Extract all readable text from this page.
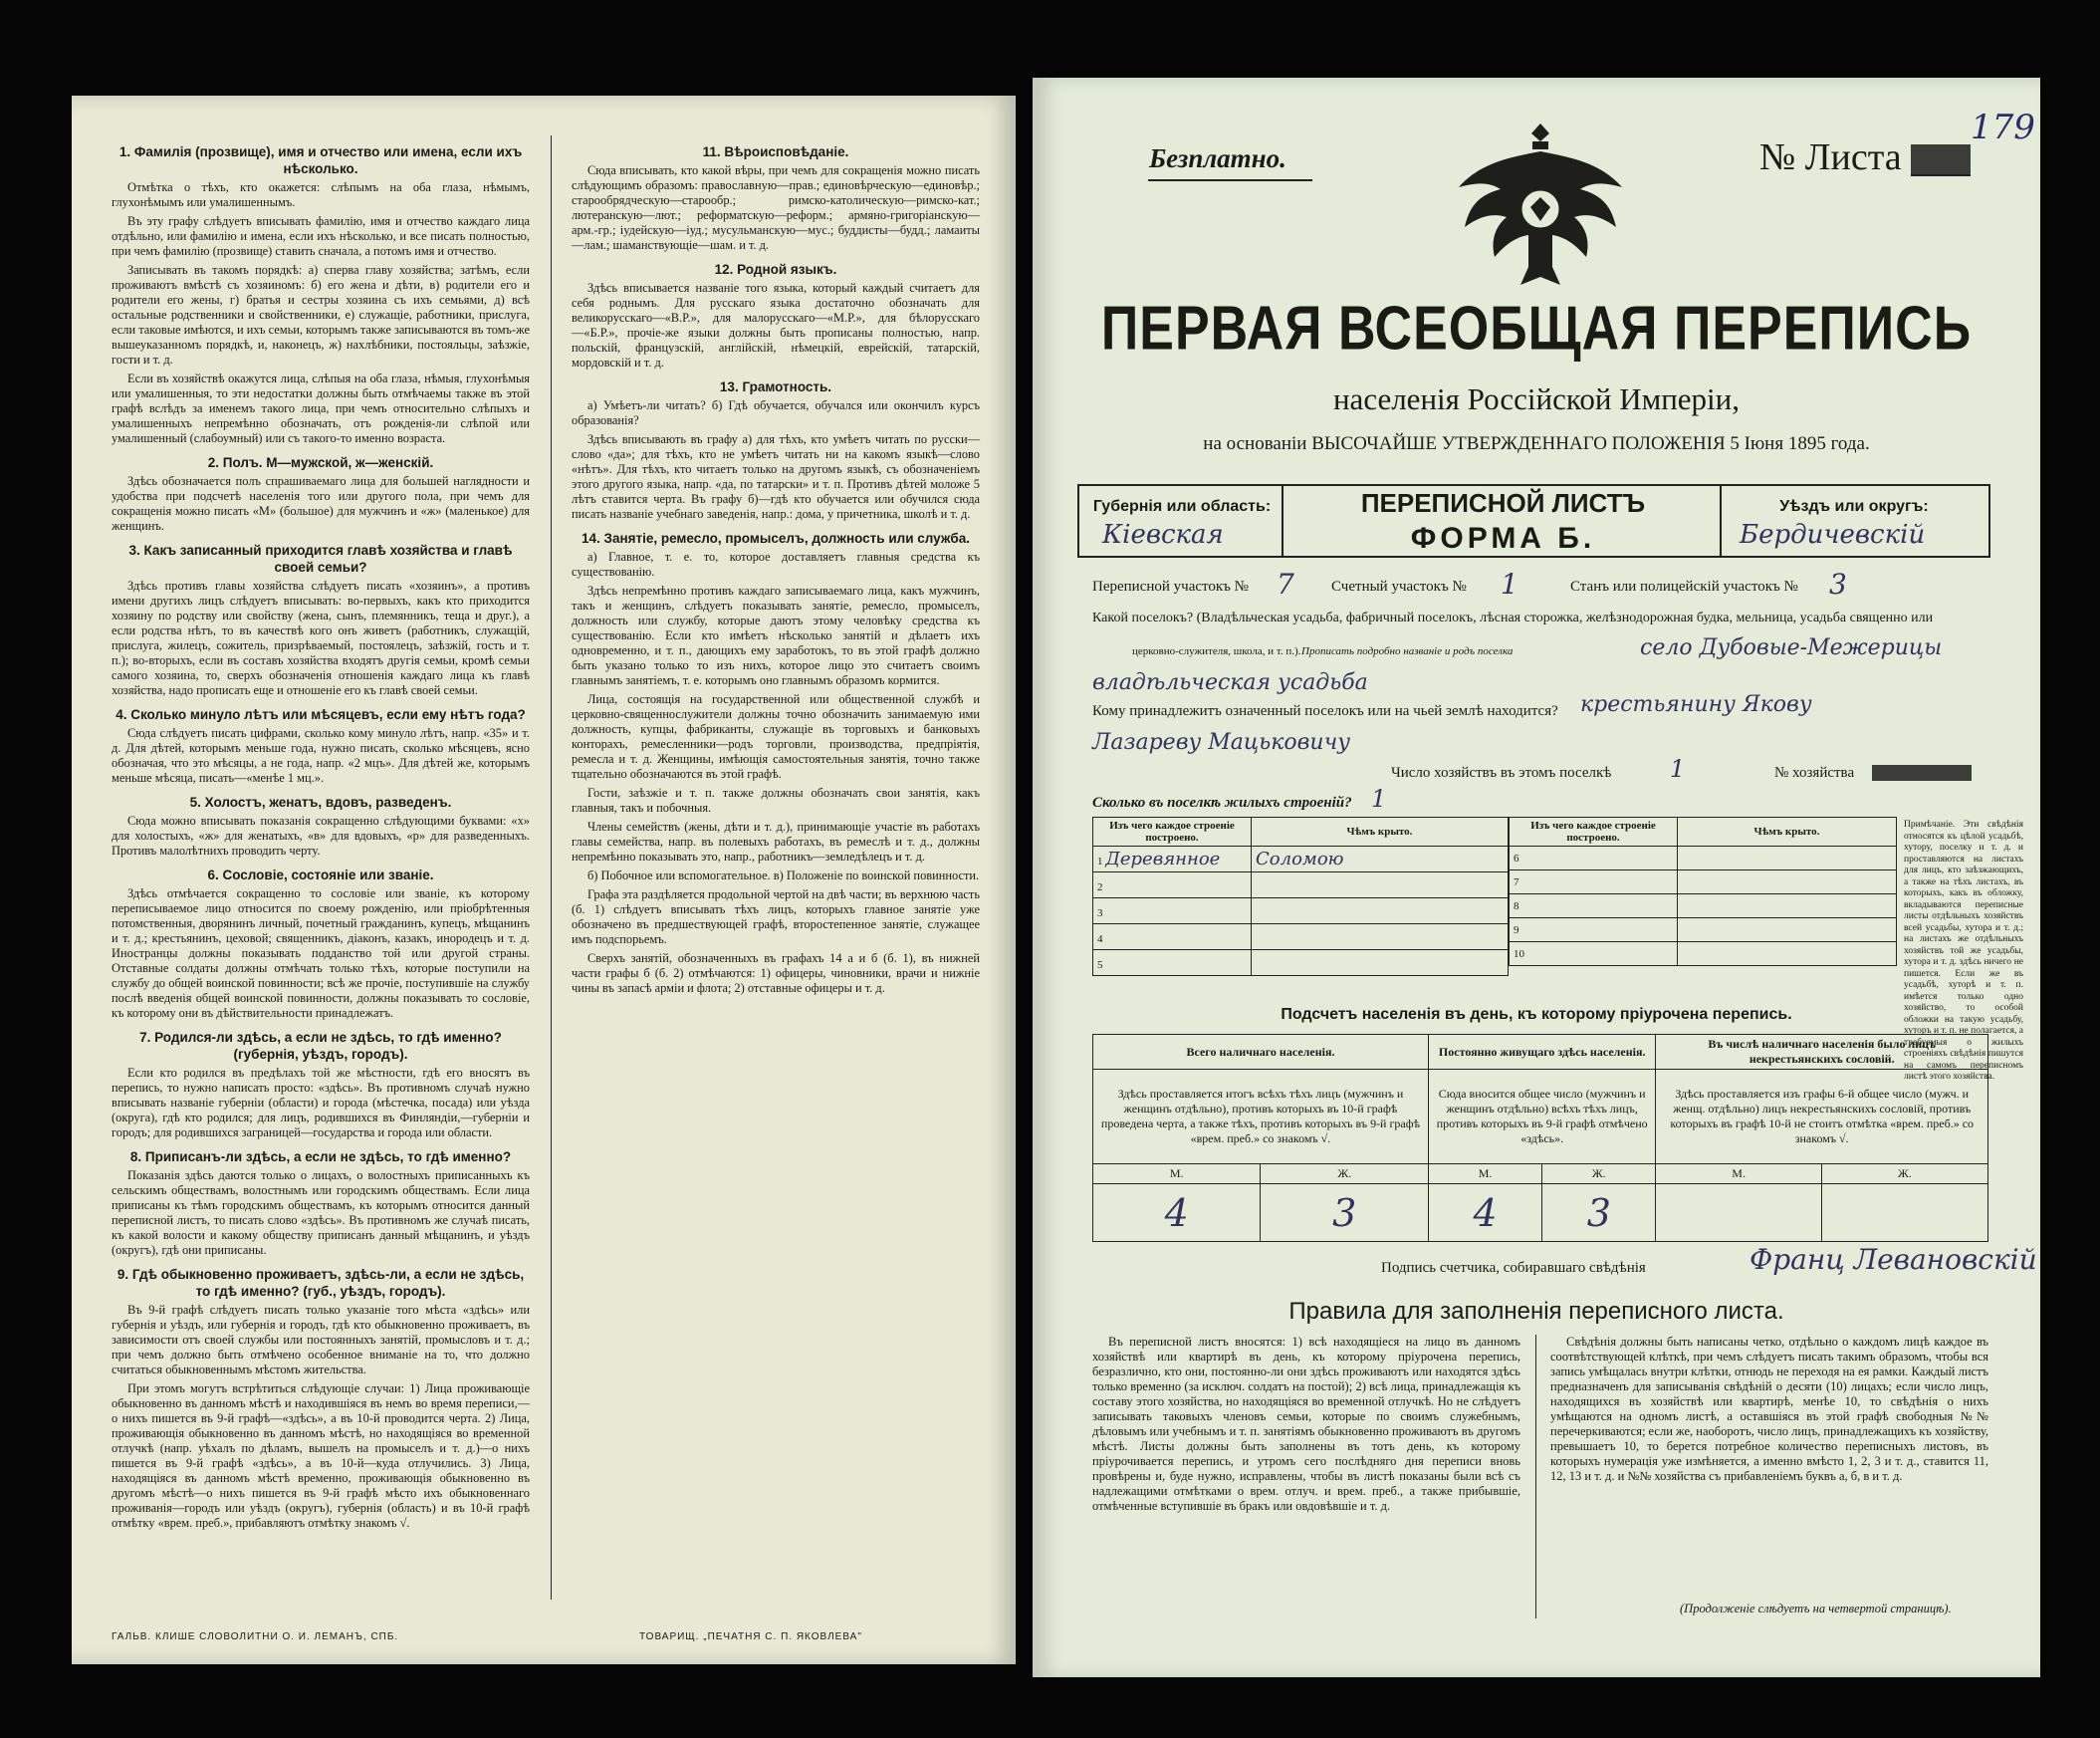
1. Фамилія (прозвище), имя и отчество или имена, если ихъ нѣсколько.
Отмѣтка о тѣхъ, кто окажется: слѣпымъ на оба глаза, нѣмымъ, глухонѣмымъ или умалишеннымъ.
Въ эту графу слѣдуетъ вписывать фамилію, имя и отчество каждаго лица отдѣльно, или фамилію и имена, если ихъ нѣсколько, и все писать полностью, при чемъ фамилію (прозвище) ставить сначала, а потомъ имя и отчество.
Записывать въ такомъ порядкѣ: а) сперва главу хозяйства; затѣмъ, если проживаютъ вмѣстѣ съ хозяиномъ: б) его жена и дѣти, в) родители его и родители его жены, г) братья и сестры хозяина съ ихъ семьями, д) всѣ остальные родственники и свойственники, е) служащіе, работники, прислуга, если таковые имѣются, и ихъ семьи, которымъ также записываются въ томъ-же вышеуказанномъ порядкѣ, и, наконецъ, ж) нахлѣбники, постояльцы, заѣзжіе, гости и т. д.
Если въ хозяйствѣ окажутся лица, слѣпыя на оба глаза, нѣмыя, глухонѣмыя или умалишенныя, то эти недостатки должны быть отмѣчаемы также въ этой графѣ вслѣдъ за именемъ такого лица, при чемъ относительно слѣпыхъ и умалишенныхъ непремѣнно обозначать, отъ рожденія-ли слѣпой или умалишенный (слабоумный) или съ такого-то именно возраста.
2. Полъ. М—мужской, ж—женскій.
Здѣсь обозначается полъ спрашиваемаго лица для большей наглядности и удобства при подсчетѣ населенія того или другого пола, при чемъ для сокращенія можно писать «М» (большое) для мужчинъ и «ж» (маленькое) для женщинъ.
3. Какъ записанный приходится главѣ хозяйства и главѣ своей семьи?
Здѣсь противъ главы хозяйства слѣдуетъ писать «хозяинъ», а противъ имени другихъ лицъ слѣдуетъ вписывать: во-первыхъ, какъ кто приходится хозяину по родству или свойству (жена, сынъ, племянникъ, теща и друг.), а если родства нѣтъ, то въ качествѣ кого онъ живетъ (работникъ, служащій, прислуга, жилецъ, сожитель, призрѣваемый, постоялецъ, заѣзжій, гость и т. п.); во-вторыхъ, если въ составъ хозяйства входятъ другія семьи, кромѣ семьи самого хозяина, то, сверхъ обозначенія отношенія каждаго лица къ главѣ хозяйства, надо прописать еще и отношеніе его къ главѣ своей семьи.
4. Сколько минуло лѣтъ или мѣсяцевъ, если ему нѣтъ года?
Сюда слѣдуетъ писать цифрами, сколько кому минуло лѣтъ, напр. «35» и т. д. Для дѣтей, которымъ меньше года, нужно писать, сколько мѣсяцевъ, ясно обозначая, что это мѣсяцы, а не года, напр. «2 мцъ». Для дѣтей же, которымъ меньше мѣсяца, писать—«менѣе 1 мц.».
5. Холостъ, женатъ, вдовъ, разведенъ.
Сюда можно вписывать показанія сокращенно слѣдующими буквами: «х» для холостыхъ, «ж» для женатыхъ, «в» для вдовыхъ, «р» для разведенныхъ. Противъ малолѣтнихъ проводить черту.
6. Сословіе, состояніе или званіе.
Здѣсь отмѣчается сокращенно то сословіе или званіе, къ которому переписываемое лицо относится по своему рожденію, или пріобрѣтенныя потомственныя, дворянинъ личный, почетный гражданинъ, купецъ, мѣщанинъ и т. д.; крестьянинъ, цеховой; священникъ, діаконъ, казакъ, инородецъ и т. д. Иностранцы должны показывать подданство той или другой страны. Отставные солдаты должны отмѣчать только тѣхъ, которые поступили на службу до общей воинской повинности; всѣ же прочіе, поступившіе на службу послѣ введенія общей воинской повинности, должны показывать то сословіе, къ которому они въ дѣйствительности принадлежатъ.
7. Родился-ли здѣсь, а если не здѣсь, то гдѣ именно? (губернія, уѣздъ, городъ).
Если кто родился въ предѣлахъ той же мѣстности, гдѣ его вносятъ въ перепись, то нужно написать просто: «здѣсь». Въ противномъ случаѣ нужно вписывать названіе губерніи (области) и города (мѣстечка, посада) или уѣзда (округа), гдѣ кто родился; для лицъ, родившихся въ Финляндіи,—губерніи и городъ; для родившихся заграницей—государства и города или области.
8. Приписанъ-ли здѣсь, а если не здѣсь, то гдѣ именно?
Показанія здѣсь даются только о лицахъ, о волостныхъ приписанныхъ къ сельскимъ обществамъ, волостнымъ или городскимъ обществамъ. Если лица приписаны къ тѣмъ городскимъ обществамъ, къ которымъ относится данный переписной листъ, то писать слово «здѣсь». Въ противномъ же случаѣ писать, къ какой волости и какому обществу приписанъ данный мѣщанинъ, и уѣздъ (округъ), гдѣ они приписаны.
9. Гдѣ обыкновенно проживаетъ, здѣсь-ли, а если не здѣсь, то гдѣ именно? (губ., уѣздъ, городъ).
Въ 9-й графѣ слѣдуетъ писать только указаніе того мѣста «здѣсь» или губернія и уѣздъ, или губернія и городъ, гдѣ кто обыкновенно проживаетъ, въ зависимости отъ своей службы или постоянныхъ занятій, промысловъ и т. д.; при чемъ должно быть отмѣчено особенное вниманіе на то, что должно считаться обыкновеннымъ мѣстомъ жительства.
При этомъ могутъ встрѣтиться слѣдующіе случаи: 1) Лица проживающіе обыкновенно въ данномъ мѣстѣ и находившіяся въ немъ во время переписи,—о нихъ пишется въ 9-й графѣ—«здѣсь», а въ 10-й проводится черта. 2) Лица, проживающія обыкновенно въ данномъ мѣстѣ, но находящіяся во временной отлучкѣ (напр. уѣхалъ по дѣламъ, вышелъ на промыселъ и т. д.)—о нихъ пишется въ 9-й графѣ «здѣсь», а въ 10-й—куда отлучились. 3) Лица, находящіяся въ данномъ мѣстѣ временно, проживающія обыкновенно въ другомъ мѣстѣ—о нихъ пишется въ 9-й графѣ мѣсто ихъ обыкновеннаго проживанія—городъ или уѣздъ (округъ), губернія (область) и въ 10-й графѣ отмѣтку «врем. преб.», прибавляютъ отмѣтку знакомъ √.
11. Вѣроисповѣданіе.
Сюда вписывать, кто какой вѣры, при чемъ для сокращенія можно писать слѣдующимъ образомъ: православную—прав.; единовѣрческую—единовѣр.; старообрядческую—старообр.; римско-католическую—римско-кат.; лютеранскую—лют.; реформатскую—реформ.; армяно-григоріанскую—арм.-гр.; іудейскую—іуд.; мусульманскую—мус.; буддисты—будд.; ламаиты—лам.; шаманствующіе—шам. и т. д.
12. Родной языкъ.
Здѣсь вписывается названіе того языка, который каждый считаетъ для себя роднымъ. Для русскаго языка достаточно обозначать для великорусскаго—«В.Р.», для малорусскаго—«М.Р.», для бѣлорусскаго—«Б.Р.», прочіе-же языки должны быть прописаны полностью, напр. польскій, французскій, англійскій, нѣмецкій, еврейскій, татарскій, мордовскій и т. д.
13. Грамотность.
а) Умѣетъ-ли читать? б) Гдѣ обучается, обучался или окончилъ курсъ образованія?
Здѣсь вписывають въ графу а) для тѣхъ, кто умѣетъ читать по русски—слово «да»; для тѣхъ, кто не умѣетъ читать ни на какомъ языкѣ—слово «нѣтъ». Для тѣхъ, кто читаетъ только на другомъ языкѣ, съ обозначеніемъ этого другого языка, напр. «да, по татарски» и т. п. Противъ дѣтей моложе 5 лѣтъ ставится черта. Въ графу б)—гдѣ кто обучается или обучился сюда писать названіе учебнаго заведенія, напр.: дома, у причетника, школѣ и т. д.
14. Занятіе, ремесло, промыселъ, должность или служба.
а) Главное, т. е. то, которое доставляетъ главныя средства къ существованію.
Здѣсь непремѣнно противъ каждаго записываемаго лица, какъ мужчинъ, такъ и женщинъ, слѣдуетъ показывать занятіе, ремесло, промыселъ, должность или службу, которые даютъ этому человѣку средства къ существованію. Если кто имѣетъ нѣсколько занятій и дѣлаетъ ихъ одновременно, и т. п., дающихъ ему заработокъ, то въ этой графѣ должно быть указано только то изъ нихъ, которое лицо это считаетъ своимъ главнымъ занятіемъ, т. е. которымъ оно главнымъ образомъ кормится.
Лица, состоящія на государственной или общественной службѣ и церковно-священнослужители должны точно обозначить занимаемую ими должность, купцы, фабриканты, служащіе въ торговыхъ и банковыхъ конторахъ, ремесленники—родъ торговли, производства, предпріятія, ремесла и т. д. Женщины, имѣющія самостоятельныя занятія, точно также тщательно обозначаются въ этой графѣ.
Гости, заѣзжіе и т. п. также должны обозначать свои занятія, какъ главныя, такъ и побочныя.
Члены семействъ (жены, дѣти и т. д.), принимающіе участіе въ работахъ главы семейства, напр. въ полевыхъ работахъ, въ ремеслѣ и т. д., должны непремѣнно показывать это, напр., работникъ—земледѣлецъ и т. д.
б) Побочное или вспомогательное. в) Положеніе по воинской повинности.
Графа эта раздѣляется продольной чертой на двѣ части; въ верхнюю часть (б. 1) слѣдуетъ вписывать тѣхъ лицъ, которыхъ главное занятіе уже обозначено въ предшествующей графѣ, второстепенное занятіе, служащее имъ подспорьемъ.
Сверхъ занятій, обозначенныхъ въ графахъ 14 а и б (б. 1), въ нижней части графы б (б. 2) отмѣчаются: 1) офицеры, чиновники, врачи и нижніе чины въ запасѣ армiи и флота; 2) отставные офицеры и т. д.
ГАЛЬВ. КЛИШЕ СЛОВОЛИТНИ О. И. ЛЕМАНЪ, СПБ.	ТОВАРИЩ. „ПЕЧАТНЯ С. П. ЯКОВЛЕВА"
Безплатно.	№ Листа
179
ПЕРВАЯ ВСЕОБЩАЯ ПЕРЕПИСЬ
населенія Россійской Имперіи,
на основаніи ВЫСОЧАЙШЕ УТВЕРЖДЕННАГО ПОЛОЖЕНІЯ 5 Іюня 1895 года.
Губернія или область:
Кіевская
ПЕРЕПИСНОЙ ЛИСТЪ
ФОРМА Б.
Уѣздъ или округъ:
Бердичевскій
Переписной участокъ № 7 Счетный участокъ № 1	Станъ или полицейскій участокъ № 3
Какой поселокъ? (Владѣльческая усадьба, фабричный поселокъ, лѣсная сторожка, желѣзнодорожная будка, мельница, усадьба священно или
церковно-служителя, школа, и т. п.). Прописать подробно названіе и родъ поселка	село Дубовые-Межерицы
владѣльческая усадьба
Кому принадлежитъ означенный поселокъ или на чьей землѣ находится? крестьянину Якову
Лазареву Мацьковичу
Число хозяйствъ въ этомъ поселкѣ 1	№ хозяйства
Сколько въ поселкѣ жилыхъ строеній? 1
Изъ чего каждое строеніе построено.	Чѣмъ крыто.
1 Деревянное	Соломою
2	
3	
4	
5	
Изъ чего каждое строеніе построено.	Чѣмъ крыто.
6	
7	
8	
9	
10	
Примѣчаніе. Эти свѣдѣнія относятся къ цѣлой усадьбѣ, хутору, поселку и т. д. и проставляются на листахъ для лицъ, кто заѣзжающихъ, а также на тѣхъ листахъ, въ которыхъ, какъ въ обложку, вкладываются переписные листы отдѣльныхъ хозяйствъ всей усадьбы, хутора и т. д.; на листахъ же отдѣльныхъ хозяйствъ той же усадьбы, хутора и т. д. здѣсь ничего не пишется. Если же въ усадьбѣ, хуторѣ и т. п. имѣется только одно хозяйство, то особой обложки на такую усадьбу, хуторъ и т. п. не полагается, а требуемыя о жилыхъ строеніяхъ свѣдѣнія пишутся на самомъ переписномъ листѣ этого хозяйства.
Подсчетъ населенія въ день, къ которому пріурочена перепись.
Всего наличнаго населенія.		Постоянно живущаго здѣсь населенія.		Въ числѣ наличнаго населенія было лицъ некрестьянскихъ сословій.	
Здѣсь проставляется итогъ всѣхъ тѣхъ лицъ (мужчинъ и женщинъ отдѣльно), противъ которыхъ въ 10-й графѣ проведена черта, а также тѣхъ, противъ которыхъ въ 9-й графѣ «врем. преб.» со знакомъ √.		Сюда вносится общее число (мужчинъ и женщинъ отдѣльно) всѣхъ тѣхъ лицъ, противъ которыхъ въ 9-й графѣ отмѣчено «здѣсь».		Здѣсь проставляется изъ графы 6-й общее число (мужч. и женщ. отдѣльно) лицъ некрестьянскихъ сословій, противъ которыхъ въ графѣ 10-й не стоитъ отмѣтка «врем. преб.» со знакомъ √.	
М.	Ж.	М.	Ж.	М.	Ж.
4	3	4	3		
Подпись счетчика, собиравшаго свѣдѣнія	Франц Левановскій
Правила для заполненія переписного листа.
Въ переписной листъ вносятся: 1) всѣ находящіеся на лицо въ данномъ хозяйствѣ или квартирѣ въ день, къ которому пріурочена перепись, безразлично, кто они, постоянно-ли они здѣсь проживаютъ или находятся здѣсь только временно (за исключ. солдатъ на постой); 2) всѣ лица, принадлежащія къ составу этого хозяйства, но находящіяся во временной отлучкѣ. Но не слѣдуетъ записывать таковыхъ членовъ семьи, которые по своимъ служебнымъ, дѣловымъ или учебнымъ и т. п. занятіямъ обыкновенно проживаютъ въ другомъ мѣстѣ. Листы должны быть заполнены въ тотъ день, къ которому пріурочивается перепись, и утромъ сего послѣдняго дня переписи вновь провѣрены и, буде нужно, исправлены, чтобы въ листѣ показаны были всѣ съ надлежащими отмѣтками о врем. отлуч. и врем. преб., а также прибывшіе, отмѣченные вступившіе въ бракъ или овдовѣвшіе и т. д.
Свѣдѣнія должны быть написаны четко, отдѣльно о каждомъ лицѣ каждое въ соотвѣтствующей клѣткѣ, при чемъ слѣдуетъ писать такимъ образомъ, чтобы вся запись умѣщалась внутри клѣтки, отнюдь не переходя на ея рамки. Каждый листъ предназначенъ для записыванія свѣдѣній о десяти (10) лицахъ; если число лицъ, находящихся въ хозяйствѣ или квартирѣ, менѣе 10, то свѣдѣнія о нихъ умѣщаются на одномъ листѣ, а оставшіяся въ этой графѣ свободныя №№ перечеркиваются; если же, наоборотъ, число лицъ, принадлежащихъ къ хозяйству, превышаетъ 10, то берется потребное количество переписныхъ листовъ, въ которыхъ нумерація уже измѣняется, а именно вмѣсто 1, 2, 3 и т. д., ставится 11, 12, 13 и т. д. и №№ хозяйства съ прибавленіемъ буквъ а, б, в и т. д.
(Продолженіе слѣдуетъ на четвертой страницѣ).
